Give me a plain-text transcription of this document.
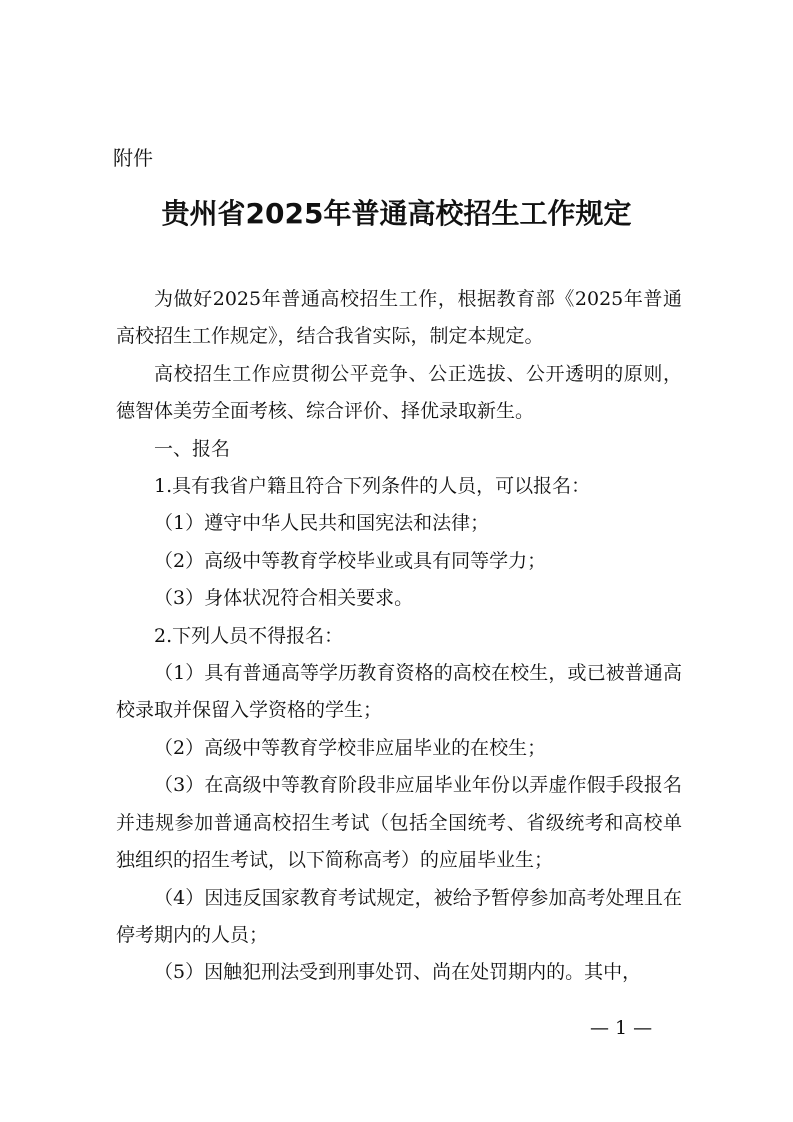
附件
贵州省2025年普通高校招生工作规定

为做好2025年普通高校招生工作，根据教育部《2025年普通高校招生工作规定》，结合我省实际，制定本规定。

高校招生工作应贯彻公平竞争、公正选拔、公开透明的原则，德智体美劳全面考核、综合评价、择优录取新生。

一、报名

1.具有我省户籍且符合下列条件的人员，可以报名：

（1）遵守中华人民共和国宪法和法律；

（2）高级中等教育学校毕业或具有同等学力；

（3）身体状况符合相关要求。

2.下列人员不得报名：

（1）具有普通高等学历教育资格的高校在校生，或已被普通高校录取并保留入学资格的学生；

（2）高级中等教育学校非应届毕业的在校生；

（3）在高级中等教育阶段非应届毕业年份以弄虚作假手段报名并违规参加普通高校招生考试（包括全国统考、省级统考和高校单独组织的招生考试，以下简称高考）的应届毕业生；

（4）因违反国家教育考试规定，被给予暂停参加高考处理且在停考期内的人员；

（5）因触犯刑法受到刑事处罚、尚在处罚期内的。其中，

— 1 —
